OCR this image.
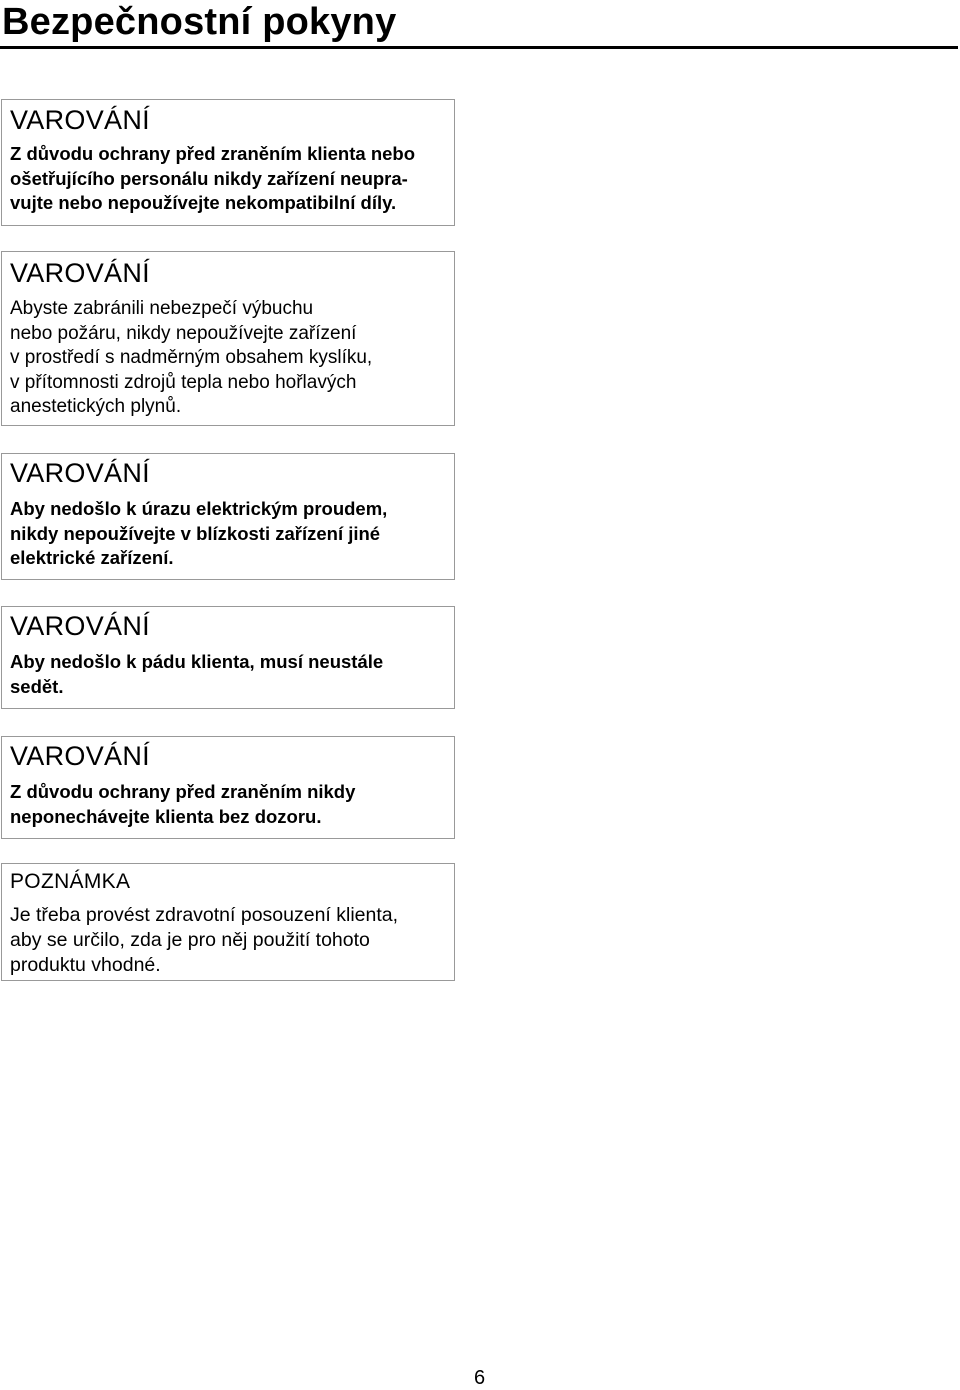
Bezpečnostní pokyny

VAROVÁNÍ

Z důvodu ochrany před zraněním klienta nebo
ošetřujícího personálu nikdy zařízení neupra-
vujte nebo nepoužívejte nekompatibilní díly.

VAROVÁNÍ

Abyste zabránili nebezpečí výbuchu
nebo požáru, nikdy nepoužívejte zařízení
v prostředí s nadměrným obsahem kyslíku,
v přítomnosti zdrojů tepla nebo hořlavých
anestetických plynů.

VAROVÁNÍ

Aby nedošlo k úrazu elektrickým proudem,
nikdy nepoužívejte v blízkosti zařízení jiné
elektrické zařízení.

VAROVÁNÍ

Aby nedošlo k pádu klienta, musí neustále
sedět.

VAROVÁNÍ

Z důvodu ochrany před zraněním nikdy
neponechávejte klienta bez dozoru.

POZNÁMKA

Je třeba provést zdravotní posouzení klienta,
aby se určilo, zda je pro něj použití tohoto
produktu vhodné.

6
